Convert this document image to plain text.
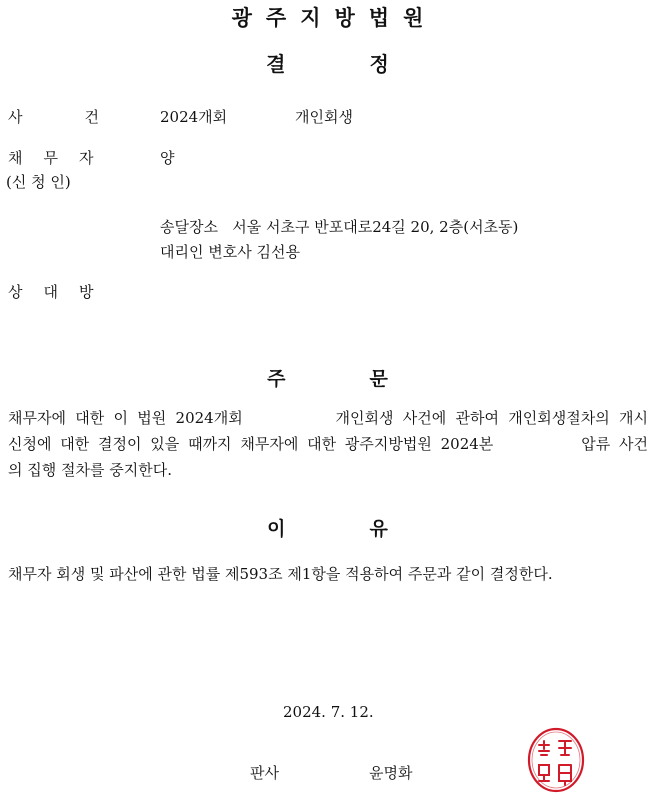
광주지방법원
결	정
사	건	2024개회	개인회생
채 무 자	양
(신 청 인)
송달장소   서울 서초구 반포대로24길 20, 2층(서초동)
대리인 변호사 김선용
상 대 방
주	문
채무자에 대한 이 법원 2024개회          개인회생 사건에 관하여 개인회생절차의 개시
신청에 대한 결정이 있을 때까지 채무자에 대한 광주지방법원 2024본          압류 사건
의 집행 절차를 중지한다.
이	유
채무자 회생 및 파산에 관한 법률 제593조 제1항을 적용하여 주문과 같이 결정한다.
2024. 7. 12.
판사	윤명화
